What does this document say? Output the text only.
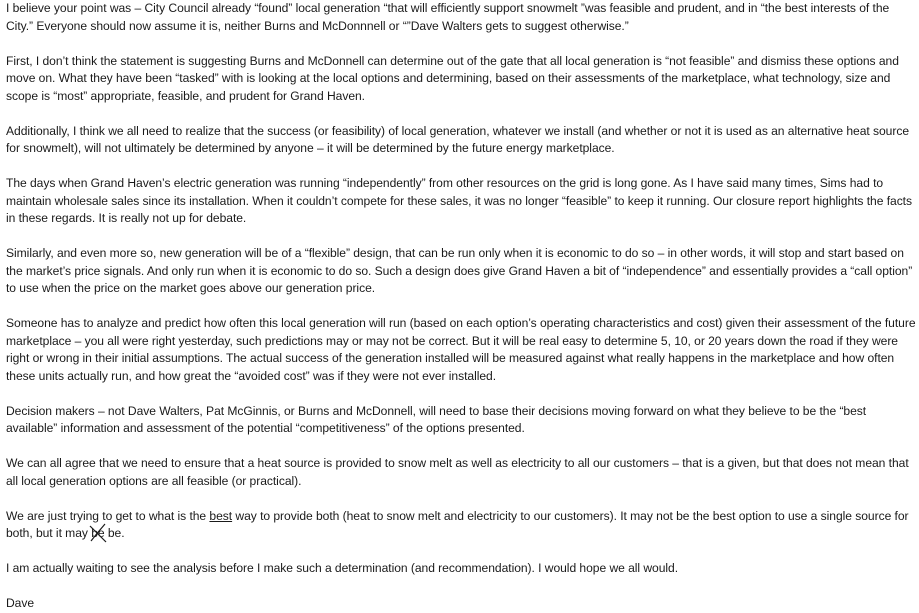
I believe your point was – City Council already “found” local generation “that will efficiently support snowmelt ”was feasible and prudent, and in “the best interests of the City.” Everyone should now assume it is, neither Burns and McDonnnell or “”Dave Walters gets to suggest otherwise.”

First, I don’t think the statement is suggesting Burns and McDonnell can determine out of the gate that all local generation is “not feasible” and dismiss these options and move on. What they have been “tasked” with is looking at the local options and determining, based on their assessments of the marketplace, what technology, size and scope is “most” appropriate, feasible, and prudent for Grand Haven.

Additionally, I think we all need to realize that the success (or feasibility) of local generation, whatever we install (and whether or not it is used as an alternative heat source for snowmelt), will not ultimately be determined by anyone – it will be determined by the future energy marketplace.

The days when Grand Haven’s electric generation was running “independently” from other resources on the grid is long gone. As I have said many times, Sims had to maintain wholesale sales since its installation. When it couldn’t compete for these sales, it was no longer “feasible” to keep it running. Our closure report highlights the facts in these regards. It is really not up for debate.

Similarly, and even more so, new generation will be of a “flexible” design, that can be run only when it is economic to do so – in other words, it will stop and start based on the market’s price signals. And only run when it is economic to do so. Such a design does give Grand Haven a bit of “independence” and essentially provides a “call option” to use when the price on the market goes above our generation price.

Someone has to analyze and predict how often this local generation will run (based on each option’s operating characteristics and cost) given their assessment of the future marketplace – you all were right yesterday, such predictions may or may not be correct. But it will be real easy to determine 5, 10, or 20 years down the road if they were right or wrong in their initial assumptions. The actual success of the generation installed will be measured against what really happens in the marketplace and how often these units actually run, and how great the “avoided cost” was if they were not ever installed.

Decision makers – not Dave Walters, Pat McGinnis, or Burns and McDonnell, will need to base their decisions moving forward on what they believe to be the “best available” information and assessment of the potential “competitiveness” of the options presented.

We can all agree that we need to ensure that a heat source is provided to snow melt as well as electricity to all our customers – that is a given, but that does not mean that all local generation options are all feasible (or practical).

We are just trying to get to what is the best way to provide both (heat to snow melt and electricity to our customers). It may not be the best option to use a single source for both, but it may be
be.

I am actually waiting to see the analysis before I make such a determination (and recommendation). I would hope we all would.

Dave
